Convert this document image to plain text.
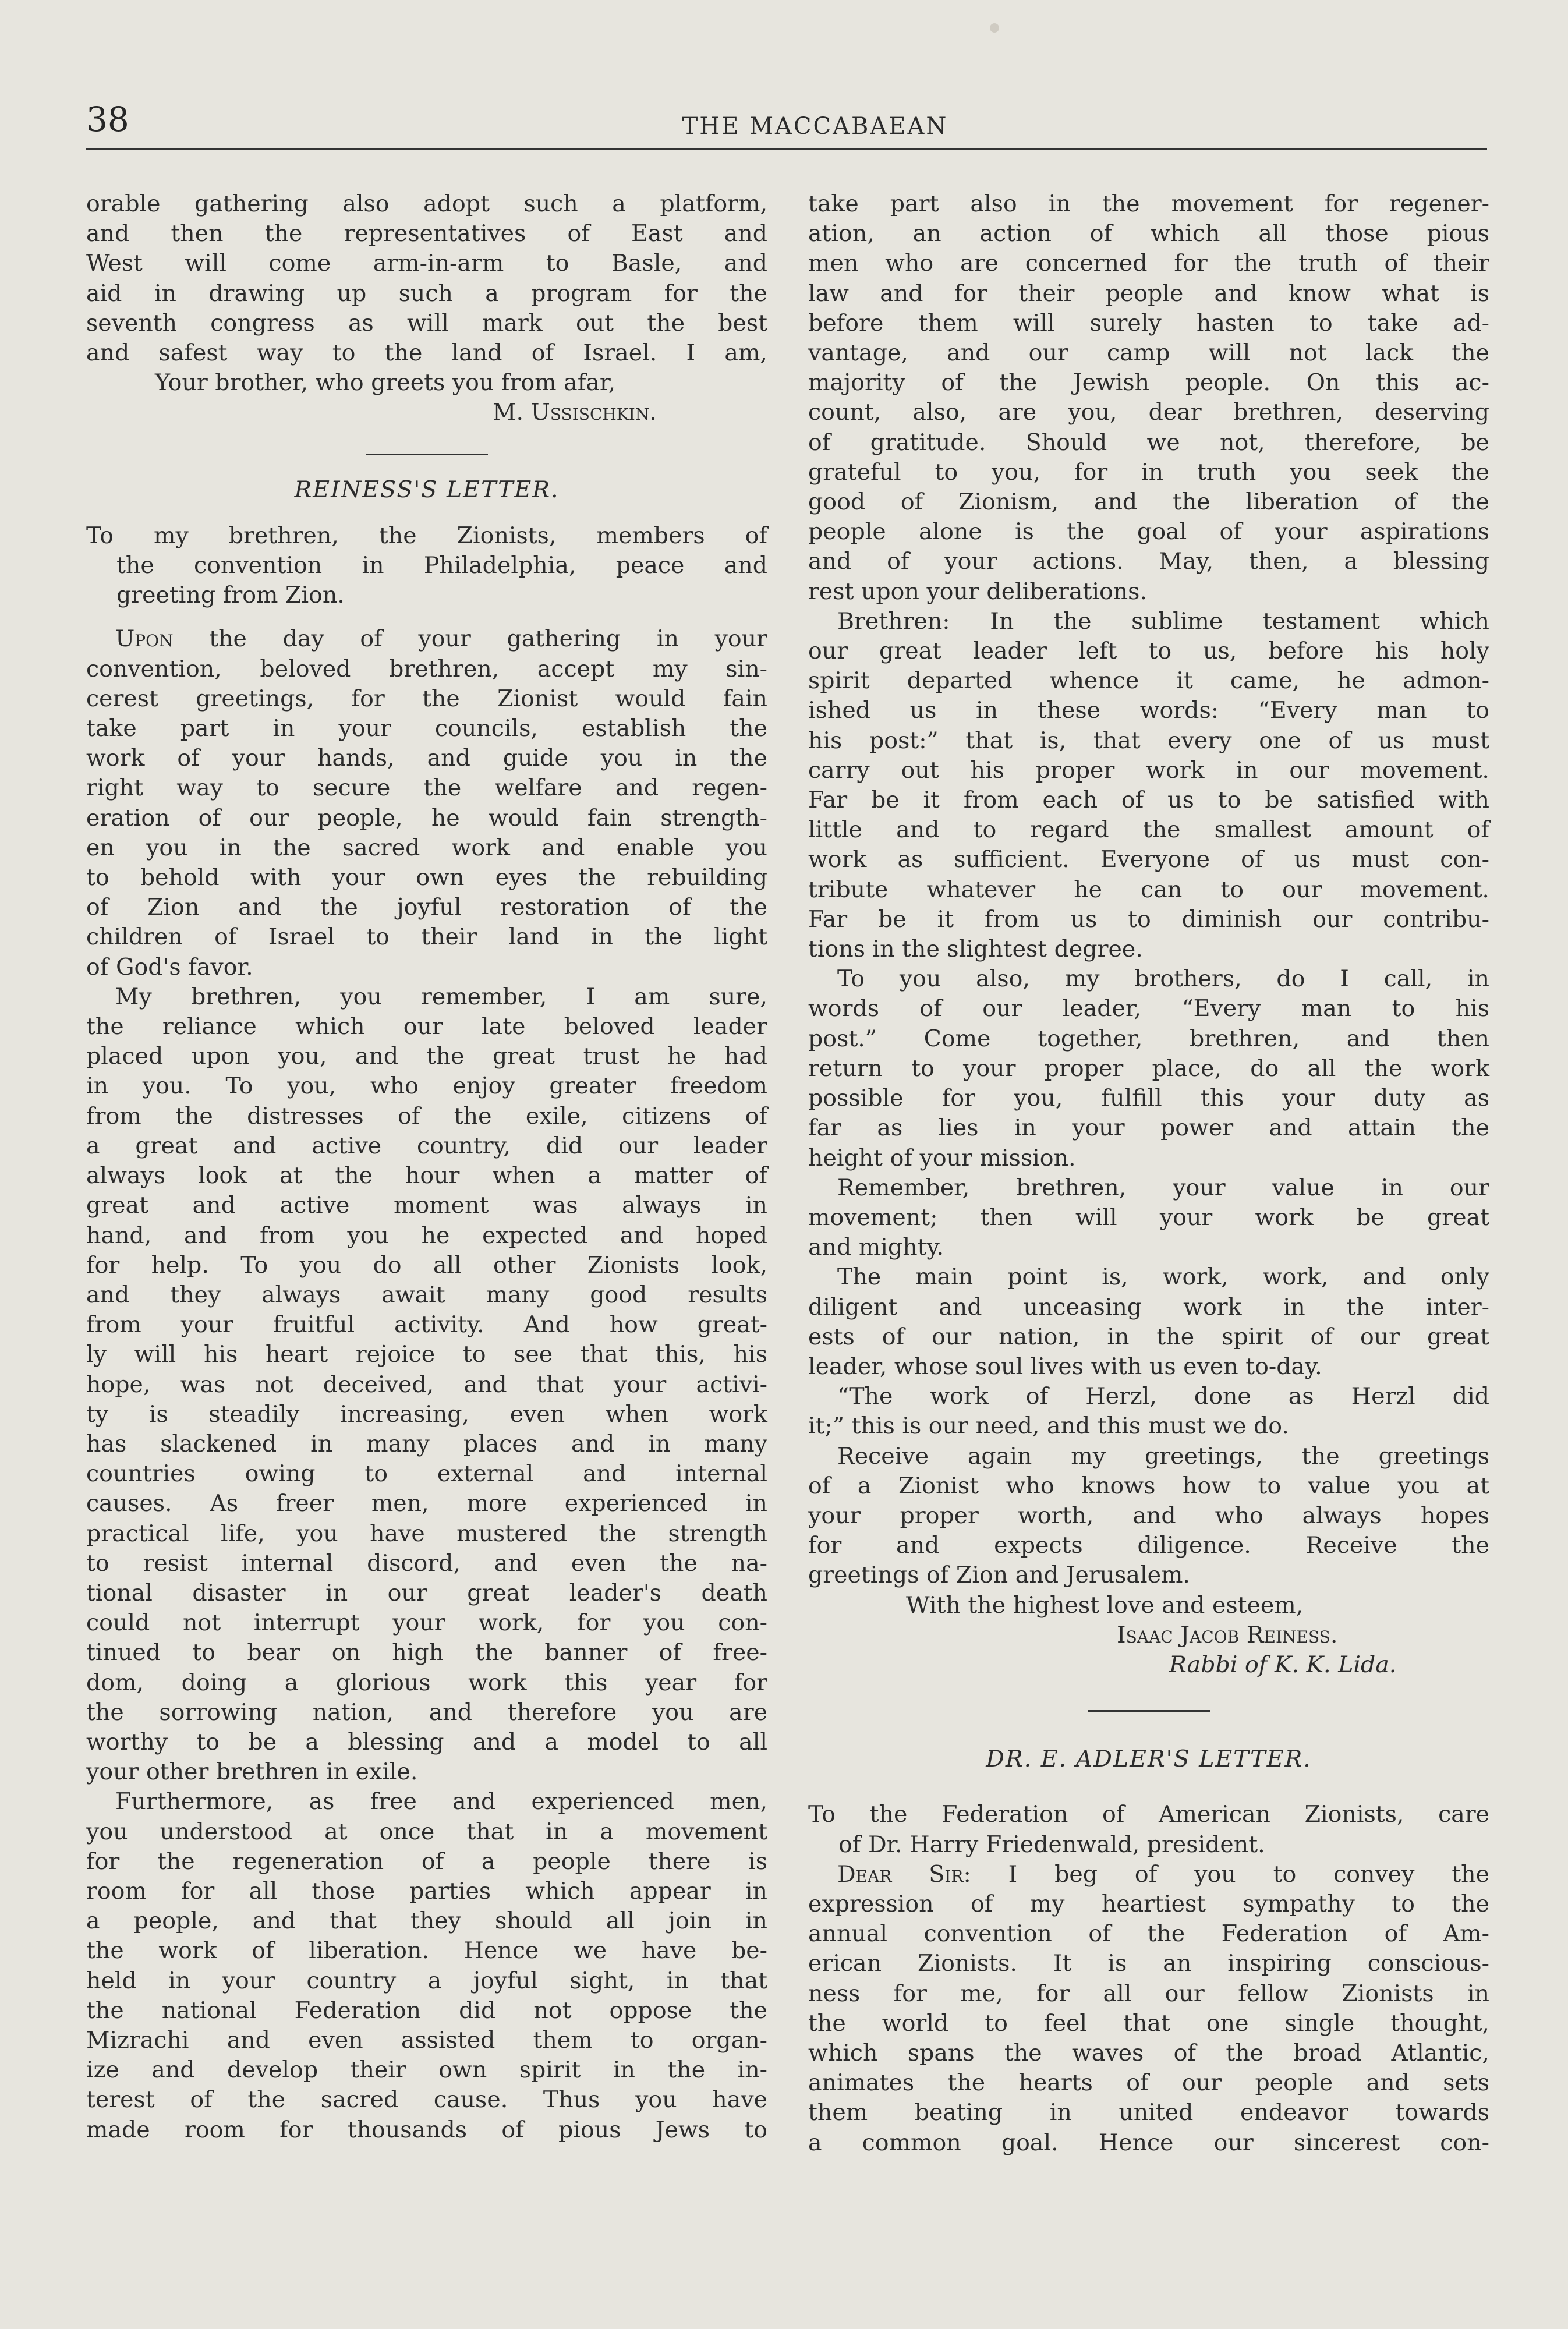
38	THE MACCABAEAN

orable gathering also adopt such a platform,

and then the representatives of East and

West will come arm-in-arm to Basle, and

aid in drawing up such a program for the

seventh congress as will mark out the best

and safest way to the land of Israel. I am,

Your brother, who greets you from afar,

M. Ussischkin.

REINESS'S LETTER.

To my brethren, the Zionists, members of

the convention in Philadelphia, peace and

greeting from Zion.

Upon the day of your gathering in your

convention, beloved brethren, accept my sin-

cerest greetings, for the Zionist would fain

take part in your councils, establish the

work of your hands, and guide you in the

right way to secure the welfare and regen-

eration of our people, he would fain strength-

en you in the sacred work and enable you

to behold with your own eyes the rebuilding

of Zion and the joyful restoration of the

children of Israel to their land in the light

of God's favor.

My brethren, you remember, I am sure,

the reliance which our late beloved leader

placed upon you, and the great trust he had

in you. To you, who enjoy greater freedom

from the distresses of the exile, citizens of

a great and active country, did our leader

always look at the hour when a matter of

great and active moment was always in

hand, and from you he expected and hoped

for help. To you do all other Zionists look,

and they always await many good results

from your fruitful activity. And how great-

ly will his heart rejoice to see that this, his

hope, was not deceived, and that your activi-

ty is steadily increasing, even when work

has slackened in many places and in many

countries owing to external and internal

causes. As freer men, more experienced in

practical life, you have mustered the strength

to resist internal discord, and even the na-

tional disaster in our great leader's death

could not interrupt your work, for you con-

tinued to bear on high the banner of free-

dom, doing a glorious work this year for

the sorrowing nation, and therefore you are

worthy to be a blessing and a model to all

your other brethren in exile.

Furthermore, as free and experienced men,

you understood at once that in a movement

for the regeneration of a people there is

room for all those parties which appear in

a people, and that they should all join in

the work of liberation. Hence we have be-

held in your country a joyful sight, in that

the national Federation did not oppose the

Mizrachi and even assisted them to organ-

ize and develop their own spirit in the in-

terest of the sacred cause. Thus you have

made room for thousands of pious Jews to

take part also in the movement for regener-

ation, an action of which all those pious

men who are concerned for the truth of their

law and for their people and know what is

before them will surely hasten to take ad-

vantage, and our camp will not lack the

majority of the Jewish people. On this ac-

count, also, are you, dear brethren, deserving

of gratitude. Should we not, therefore, be

grateful to you, for in truth you seek the

good of Zionism, and the liberation of the

people alone is the goal of your aspirations

and of your actions. May, then, a blessing

rest upon your deliberations.

Brethren: In the sublime testament which

our great leader left to us, before his holy

spirit departed whence it came, he admon-

ished us in these words: “Every man to

his post:” that is, that every one of us must

carry out his proper work in our movement.

Far be it from each of us to be satisfied with

little and to regard the smallest amount of

work as sufficient. Everyone of us must con-

tribute whatever he can to our movement.

Far be it from us to diminish our contribu-

tions in the slightest degree.

To you also, my brothers, do I call, in

words of our leader, “Every man to his

post.” Come together, brethren, and then

return to your proper place, do all the work

possible for you, fulfill this your duty as

far as lies in your power and attain the

height of your mission.

Remember, brethren, your value in our

movement; then will your work be great

and mighty.

The main point is, work, work, and only

diligent and unceasing work in the inter-

ests of our nation, in the spirit of our great

leader, whose soul lives with us even to-day.

“The work of Herzl, done as Herzl did

it;” this is our need, and this must we do.

Receive again my greetings, the greetings

of a Zionist who knows how to value you at

your proper worth, and who always hopes

for and expects diligence. Receive the

greetings of Zion and Jerusalem.

With the highest love and esteem,

Isaac Jacob Reiness.

Rabbi of K. K. Lida.

DR. E. ADLER'S LETTER.

To the Federation of American Zionists, care

of Dr. Harry Friedenwald, president.

Dear Sir: I beg of you to convey the

expression of my heartiest sympathy to the

annual convention of the Federation of Am-

erican Zionists. It is an inspiring conscious-

ness for me, for all our fellow Zionists in

the world to feel that one single thought,

which spans the waves of the broad Atlantic,

animates the hearts of our people and sets

them beating in united endeavor towards

a common goal. Hence our sincerest con-
